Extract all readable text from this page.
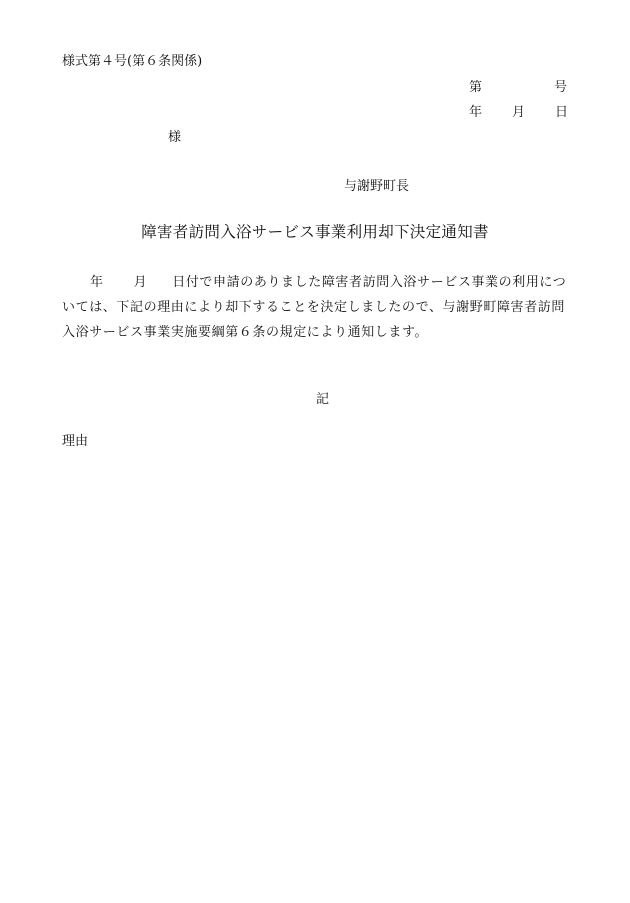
様式第４号(第６条関係)
第	号
年 月 日
様
与謝野町長
障害者訪問入浴サービス事業利用却下決定通知書
年 月 日付で申請のありました障害者訪問入浴サービス事業の利用につ
いては、下記の理由により却下することを決定しましたので、与謝野町障害者訪問
入浴サービス事業実施要綱第６条の規定により通知します。
記
理由
